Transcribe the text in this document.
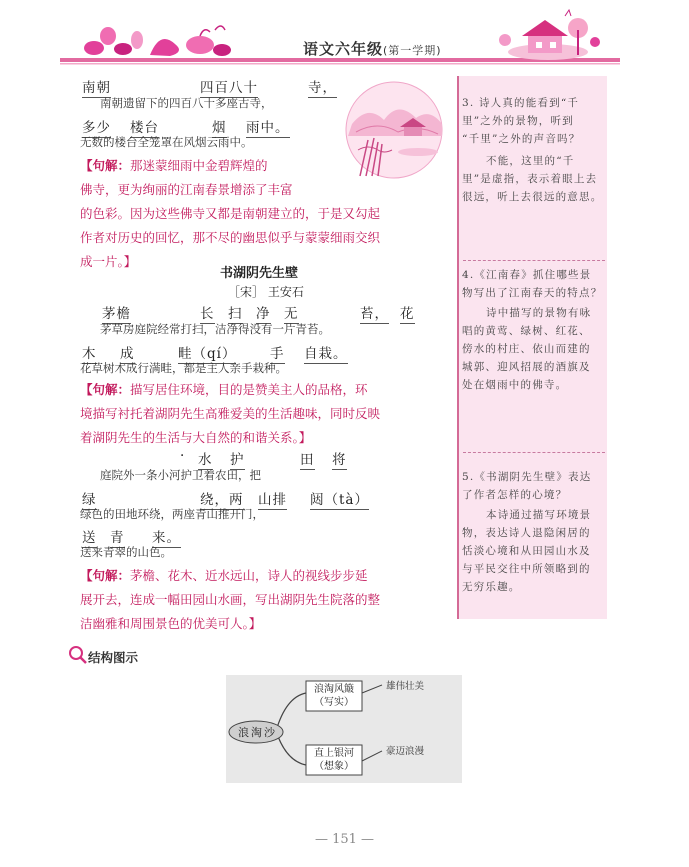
语文六年级(第一学期)
南朝	四百八十	寺，
南朝遗留下的四百八十多座古寺，
多少 楼台	烟 雨中。
无数的楼台全笼罩在风烟云雨中。
【句解：那迷蒙细雨中金碧辉煌的
佛寺，更为绚丽的江南春景增添了丰富
的色彩。因为这些佛寺又都是南朝建立的，于是又勾起
作者对历史的回忆，那不尽的幽思似乎与蒙蒙细雨交织
成一片。】
书湖阴先生壁
［宋］ 王安石
茅檐	长 扫 净 无	苔， 花
茅草房庭院经常打扫，洁净得没有一片青苔。
木 成	畦（qí） 手 自栽。
花草树木成行满畦，都是主人亲手栽种。
【句解：描写居住环境，目的是赞美主人的品格，环
境描写衬托着湖阴先生高雅爱美的生活趣味，同时反映
着湖阴先生的生活与大自然的和谐关系。】
· 水 护	田 将
庭院外一条小河护卫着农田，把
绿	绕，两 山排 闼（tà）
绿色的田地环绕，两座青山推开门，
送 青 来。
送来青翠的山色。
【句解：茅檐、花木、近水远山，诗人的视线步步延
展开去，连成一幅田园山水画，写出湖阴先生院落的整
洁幽雅和周围景色的优美可人。】
3. 诗人真的能看到“千
里”之外的景物，听到
“千里”之外的声音吗？
不能，这里的“千
里”是虚指，表示着眼上去
很远，听上去很远的意思。
4.《江南春》抓住哪些景
物写出了江南春天的特点？
诗中描写的景物有咏
唱的黄莺、绿树、红花、
傍水的村庄、依山而建的
城郭、迎风招展的酒旗及
处在烟雨中的佛寺。
5.《书湖阴先生壁》表达
了作者怎样的心境？
本诗通过描写环境景
物，表达诗人退隐闲居的
恬淡心境和从田园山水及
与平民交往中所领略到的
无穷乐趣。
结构图示
浪淘沙
浪淘风簸
（写实）
直上银河
（想象）
雄伟壮美
豪迈浪漫
— 151 —
